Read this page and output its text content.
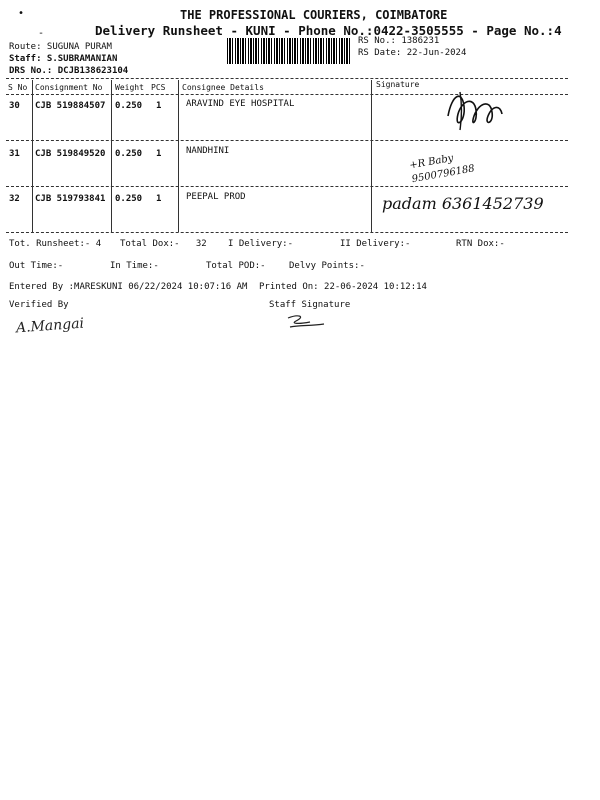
•
-
THE PROFESSIONAL COURIERS, COIMBATORE
Delivery Runsheet - KUNI - Phone No.:0422-3505555 - Page No.:4
Route: SUGUNA PURAM
Staff: S.SUBRAMANIAN
DRS No.: DCJB138623104
RS No.: 1386231
RS Date: 22-Jun-2024
S No Consignment No Weight PCS Consignee Details	Signature
30 CJB 519884507 0.250 1	ARAVIND EYE HOSPITAL
31 CJB 519849520 0.250 1	NANDHINI
+R Baby 9500796188
32 CJB 519793841 0.250 1	PEEPAL PROD	padam 6361452739
Tot. Runsheet:- 4 Total Dox:-   32 I Delivery:-	II Delivery:-	RTN Dox:-
Out Time:-	In Time:-	Total POD:-	Delvy Points:-
Entered By :MARESKUNI 06/22/2024 10:07:16 AM Printed On: 22-06-2024 10:12:14
Verified By	Staff Signature
A.Mangai
